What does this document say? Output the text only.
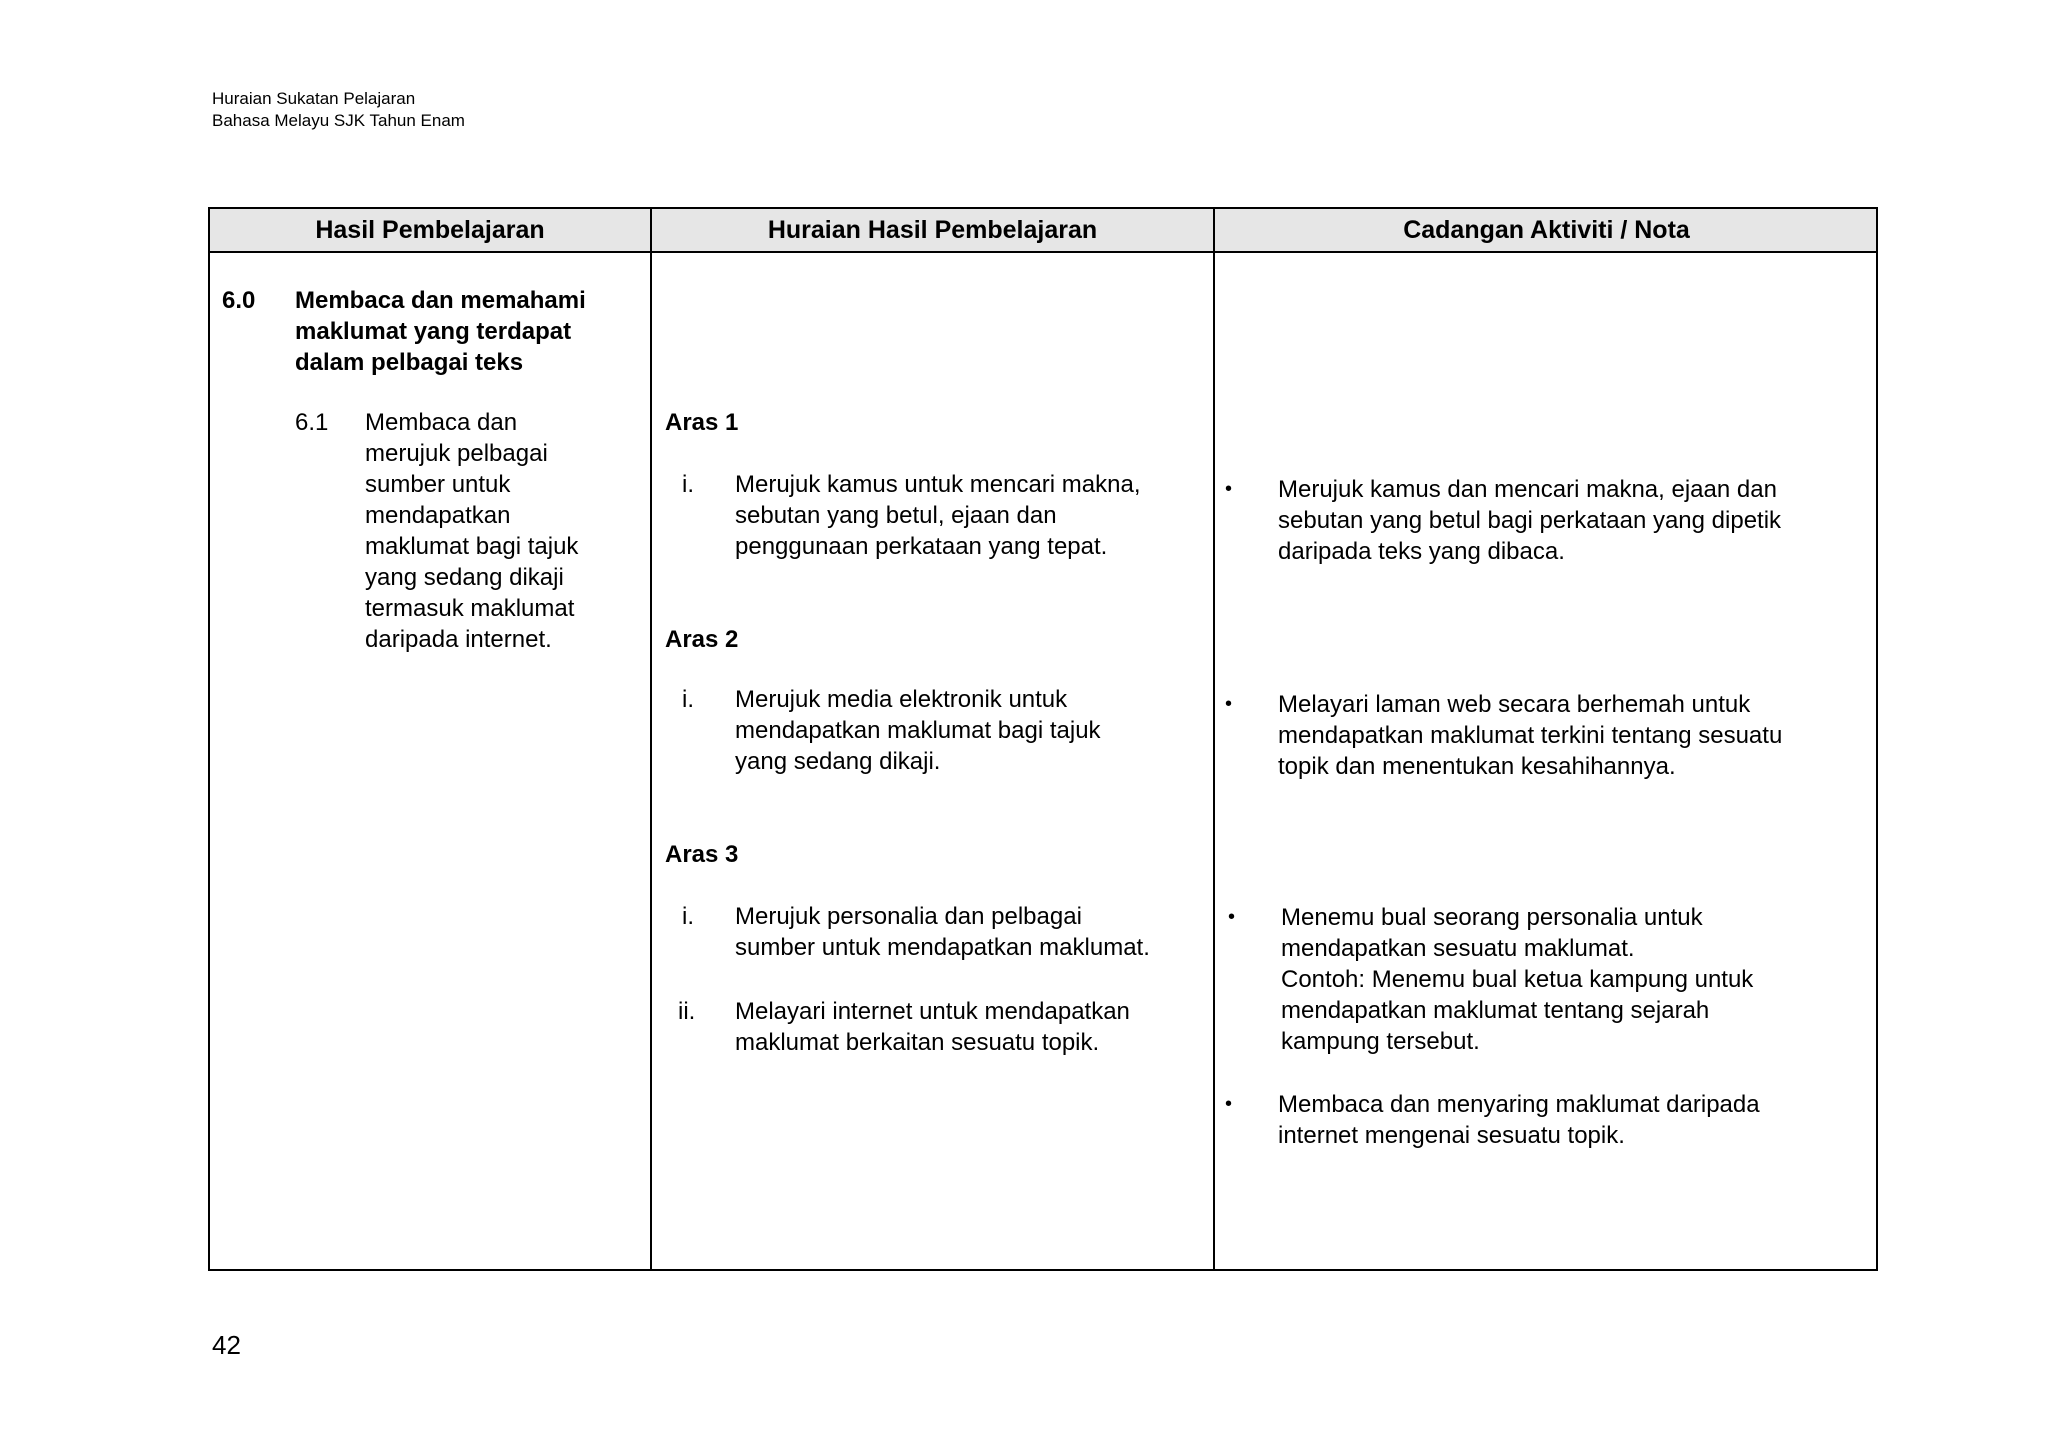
Huraian Sukatan Pelajaran
Bahasa Melayu SJK Tahun Enam
Hasil Pembelajaran	Huraian Hasil Pembelajaran	Cadangan Aktiviti / Nota
6.0 Membaca dan memahami
maklumat yang terdapat
dalam pelbagai teks
6.1 Membaca dan
merujuk pelbagai
sumber untuk
mendapatkan
maklumat bagi tajuk
yang sedang dikaji
termasuk maklumat
daripada internet.
Aras 1
i. Merujuk kamus untuk mencari makna,
sebutan yang betul, ejaan dan
penggunaan perkataan yang tepat.
Aras 2
i. Merujuk media elektronik untuk
mendapatkan maklumat bagi tajuk
yang sedang dikaji.
Aras 3
i. Merujuk personalia dan pelbagai
sumber untuk mendapatkan maklumat.
ii. Melayari internet untuk mendapatkan
maklumat berkaitan sesuatu topik.
• Merujuk kamus dan mencari makna, ejaan dan
sebutan yang betul bagi perkataan yang dipetik
daripada teks yang dibaca.
• Melayari laman web secara berhemah untuk
mendapatkan maklumat terkini tentang sesuatu
topik dan menentukan kesahihannya.
• Menemu bual seorang personalia untuk
mendapatkan sesuatu maklumat.
Contoh: Menemu bual ketua kampung untuk
mendapatkan maklumat tentang sejarah
kampung tersebut.
• Membaca dan menyaring maklumat daripada
internet mengenai sesuatu topik.
42
